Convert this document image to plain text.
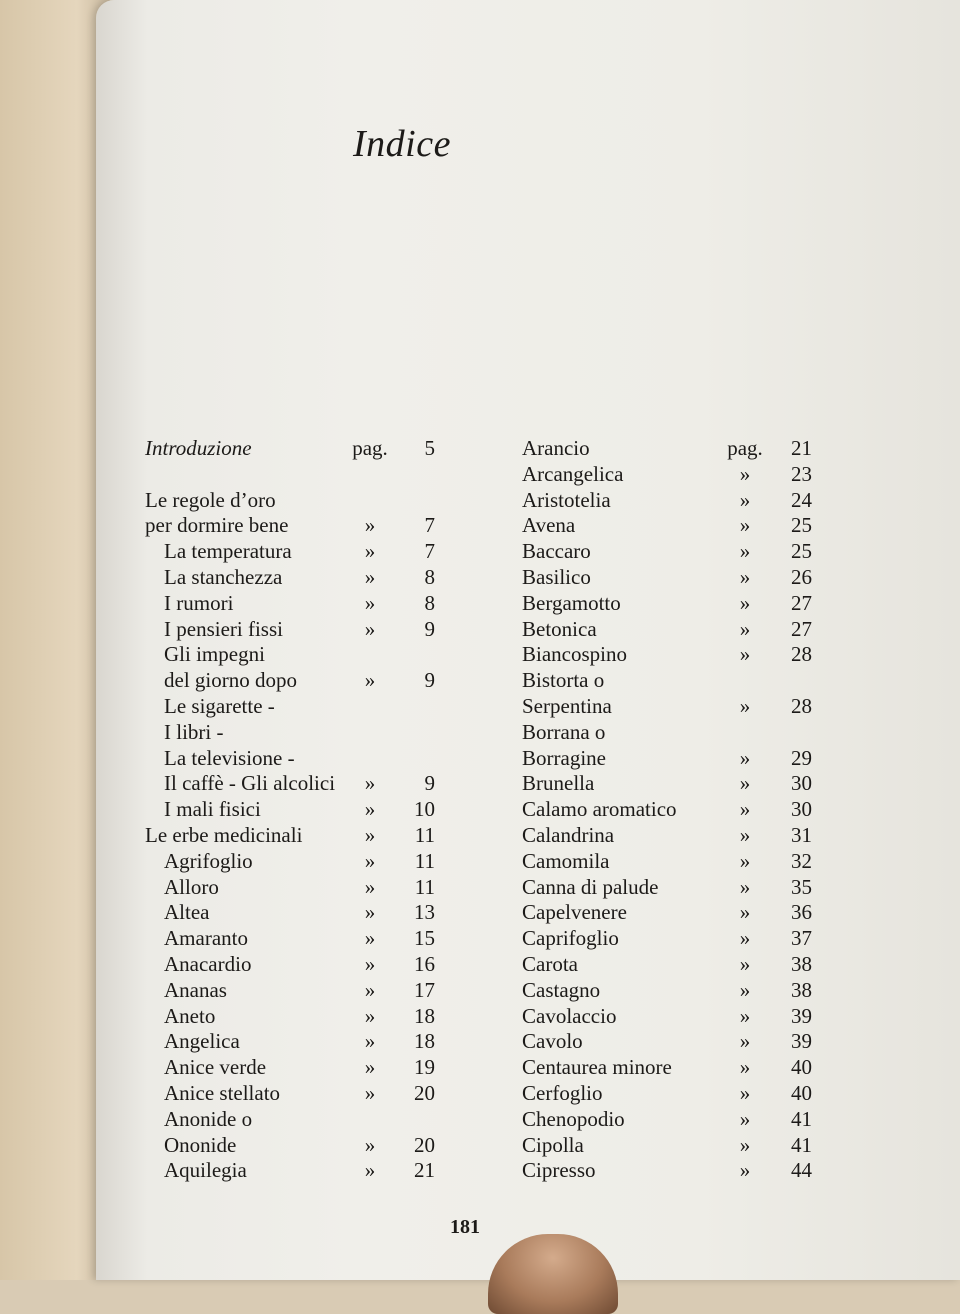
Indice
Introduzione	pag.	5
Le regole d’oro
per dormire bene	»	7
La temperatura	»	7
La stanchezza	»	8
I rumori	»	8
I pensieri fissi	»	9
Gli impegni
del giorno dopo	»	9
Le sigarette -
I libri -
La televisione -
Il caffè - Gli alcolici	»	9
I mali fisici	»	10
Le erbe medicinali	»	11
Agrifoglio	»	11
Alloro	»	11
Altea	»	13
Amaranto	»	15
Anacardio	»	16
Ananas	»	17
Aneto	»	18
Angelica	»	18
Anice verde	»	19
Anice stellato	»	20
Anonide o
Ononide	»	20
Aquilegia	»	21
Arancio	pag.	21
Arcangelica	»	23
Aristotelia	»	24
Avena	»	25
Baccaro	»	25
Basilico	»	26
Bergamotto	»	27
Betonica	»	27
Biancospino	»	28
Bistorta o
Serpentina	»	28
Borrana o
Borragine	»	29
Brunella	»	30
Calamo aromatico	»	30
Calandrina	»	31
Camomila	»	32
Canna di palude	»	35
Capelvenere	»	36
Caprifoglio	»	37
Carota	»	38
Castagno	»	38
Cavolaccio	»	39
Cavolo	»	39
Centaurea minore	»	40
Cerfoglio	»	40
Chenopodio	»	41
Cipolla	»	41
Cipresso	»	44
181
